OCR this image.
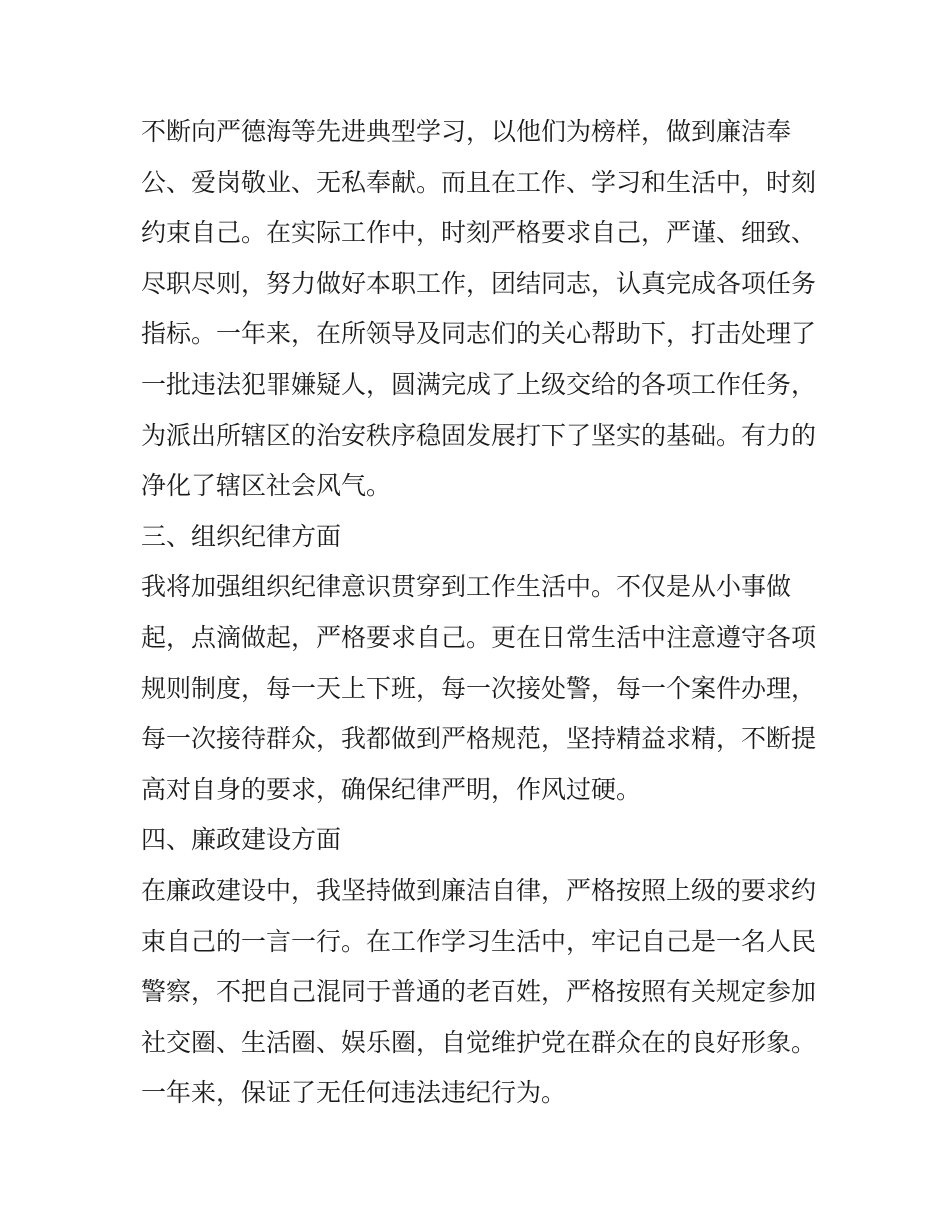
不断向严德海等先进典型学习，以他们为榜样，做到廉洁奉
公、爱岗敬业、无私奉献。而且在工作、学习和生活中，时刻
约束自己。在实际工作中，时刻严格要求自己，严谨、细致、
尽职尽则，努力做好本职工作，团结同志，认真完成各项任务
指标。一年来，在所领导及同志们的关心帮助下，打击处理了
一批违法犯罪嫌疑人，圆满完成了上级交给的各项工作任务，
为派出所辖区的治安秩序稳固发展打下了坚实的基础。有力的
净化了辖区社会风气。
三、组织纪律方面
我将加强组织纪律意识贯穿到工作生活中。不仅是从小事做
起，点滴做起，严格要求自己。更在日常生活中注意遵守各项
规则制度，每一天上下班，每一次接处警，每一个案件办理，
每一次接待群众，我都做到严格规范，坚持精益求精，不断提
高对自身的要求，确保纪律严明，作风过硬。
四、廉政建设方面
在廉政建设中，我坚持做到廉洁自律，严格按照上级的要求约
束自己的一言一行。在工作学习生活中，牢记自己是一名人民
警察，不把自己混同于普通的老百姓，严格按照有关规定参加
社交圈、生活圈、娱乐圈，自觉维护党在群众在的良好形象。
一年来，保证了无任何违法违纪行为。
